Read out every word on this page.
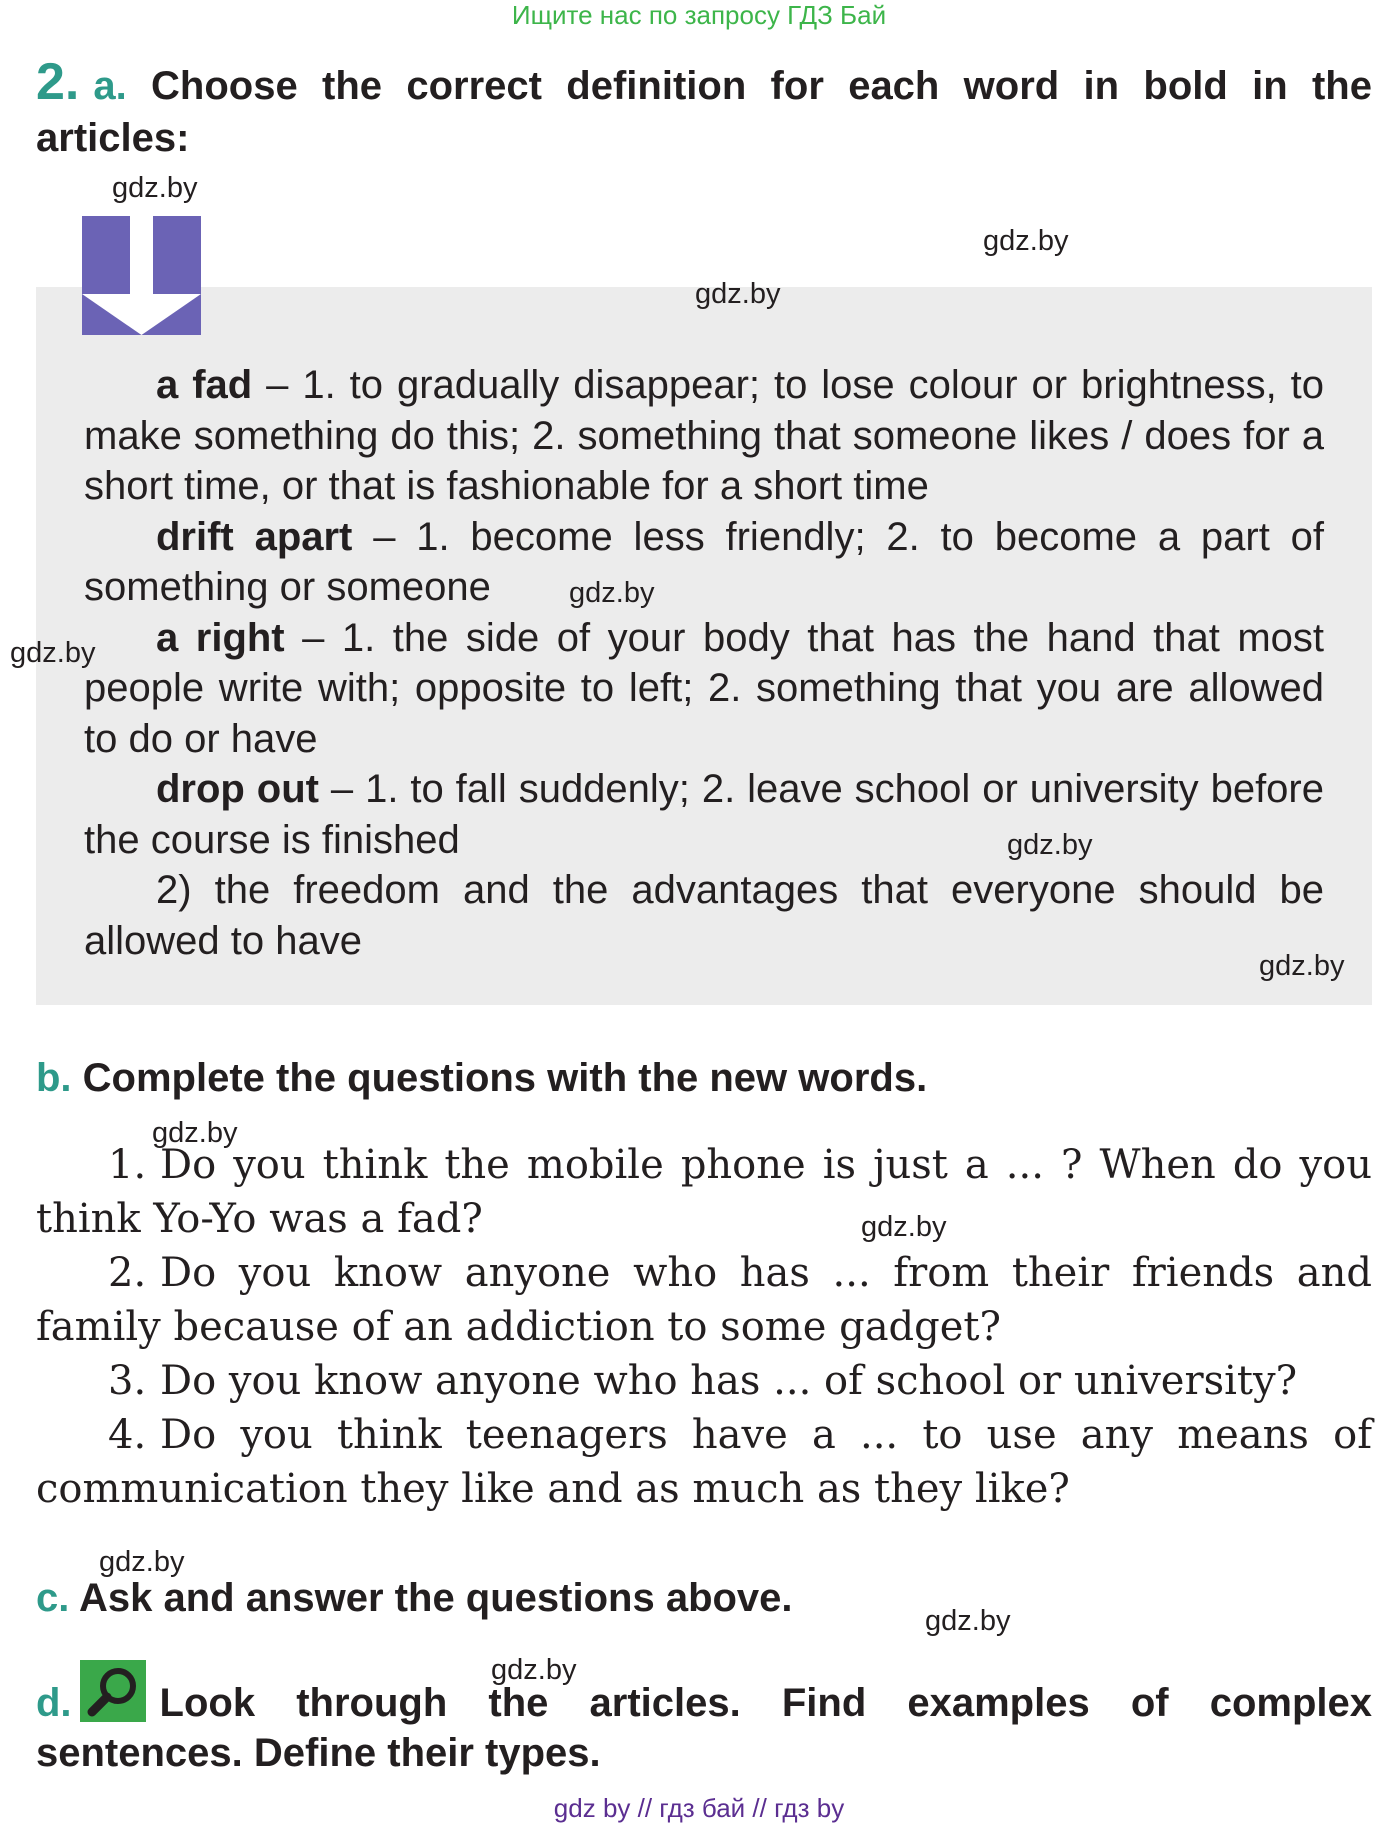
Ищите нас по запросу ГДЗ Бай
2. a. Choose the correct definition for each word in bold in the articles:

a fad – 1. to gradually disappear; to lose colour or brightness, to make something do this; 2. something that someone likes / does for a short time, or that is fashionable for a short time

drift apart – 1. become less friendly; 2. to become a part of something or someone

a right – 1. the side of your body that has the hand that most people write with; opposite to left; 2. something that you are allowed to do or have

drop out – 1. to fall suddenly; 2. leave school or university before the course is finished

2) the freedom and the advantages that everyone should be allowed to have

b. Complete the questions with the new words.

1. Do you think the mobile phone is just a ... ? When do you think Yo-Yo was a fad?

2. Do you know anyone who has ... from their friends and family because of an addiction to some gadget?

3. Do you know anyone who has ... of school or university?

4. Do you think teenagers have a ... to use any means of communication they like and as much as they like?

c. Ask and answer the questions above.

d. Look through the articles. Find examples of complex sentences. Define their types.

gdz.by
gdz.by
gdz.by
gdz.by
gdz.by
gdz.by
gdz.by
gdz.by
gdz.by
gdz.by
gdz.by
gdz.by
gdz by // гдз бай // гдз by
